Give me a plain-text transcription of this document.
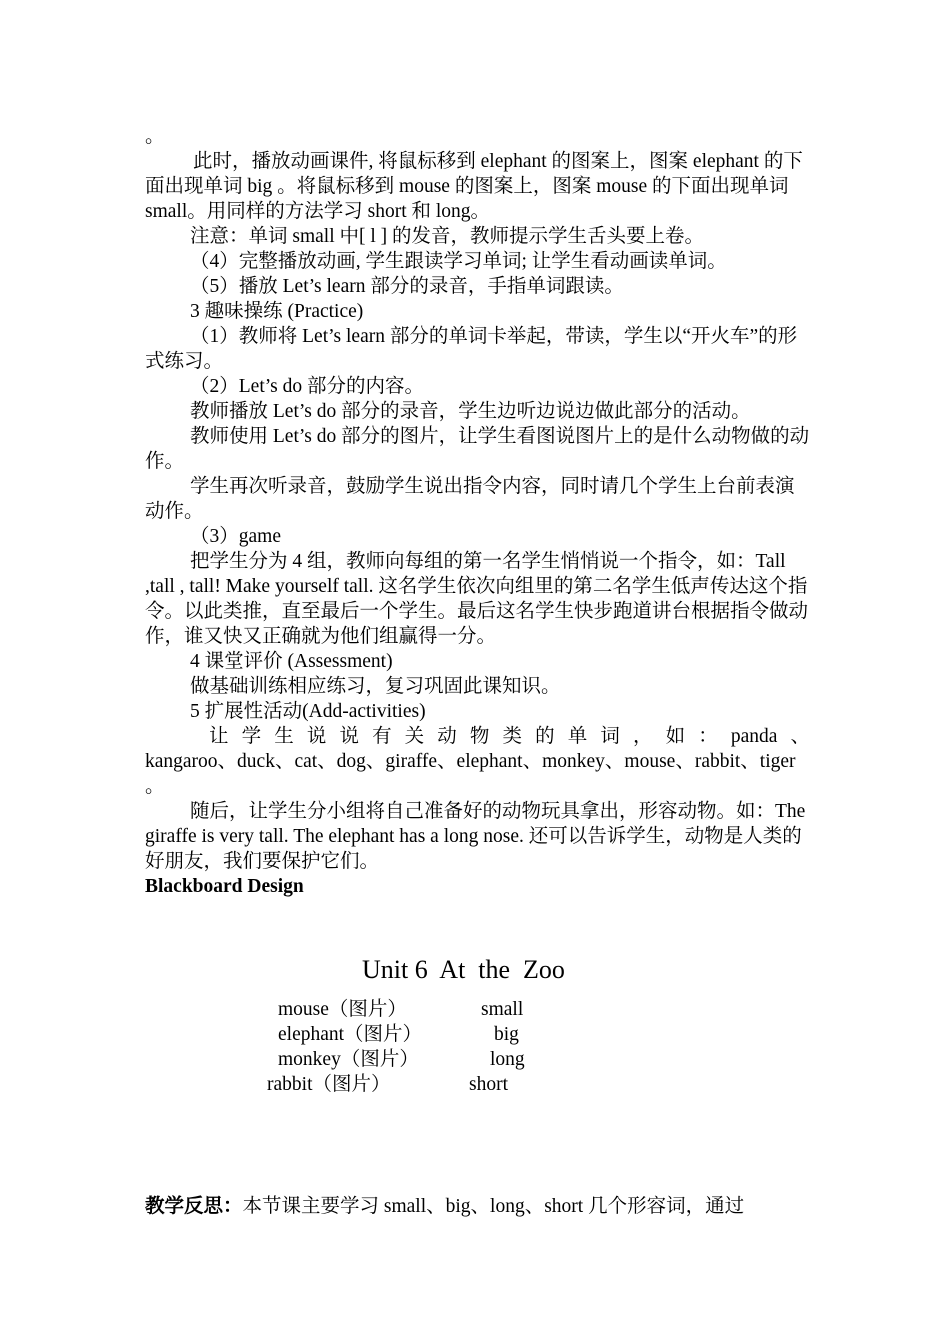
。

此时，播放动画课件, 将鼠标移到 elephant 的图案上，图案 elephant 的下面出现单词 big 。将鼠标移到 mouse 的图案上，图案 mouse 的下面出现单词 small。用同样的方法学习 short 和 long。

注意：单词 small 中[ l ] 的发音，教师提示学生舌头要上卷。

（4）完整播放动画, 学生跟读学习单词; 让学生看动画读单词。

（5）播放 Let’s learn 部分的录音，手指单词跟读。

3 趣味操练 (Practice)

（1）教师将 Let’s learn 部分的单词卡举起，带读，学生以“开火车”的形式练习。

（2）Let’s do 部分的内容。

教师播放 Let’s do 部分的录音，学生边听边说边做此部分的活动。

教师使用 Let’s do 部分的图片，让学生看图说图片上的是什么动物做的动作。

学生再次听录音，鼓励学生说出指令内容，同时请几个学生上台前表演动作。

（3）game

把学生分为 4 组，教师向每组的第一名学生悄悄说一个指令，如：Tall ,tall , tall! Make yourself tall. 这名学生依次向组里的第二名学生低声传达这个指令。以此类推，直至最后一个学生。最后这名学生快步跑道讲台根据指令做动作，谁又快又正确就为他们组赢得一分。

4 课堂评价 (Assessment)

做基础训练相应练习，复习巩固此课知识。

5 扩展性活动(Add-activities)

让学生说说有关动物类的单词，如：panda、

kangaroo、duck、cat、dog、giraffe、elephant、monkey、mouse、rabbit、tiger 。

随后，让学生分小组将自己准备好的动物玩具拿出，形容动物。如：The giraffe is very tall. The elephant has a long nose. 还可以告诉学生，动物是人类的好朋友，我们要保护它们。

Blackboard Design

Unit 6  At  the  Zoo
mouse（图片）	small
elephant（图片）	big
monkey（图片）	long
rabbit（图片）	short
教学反思：本节课主要学习 small、big、long、short 几个形容词，通过
